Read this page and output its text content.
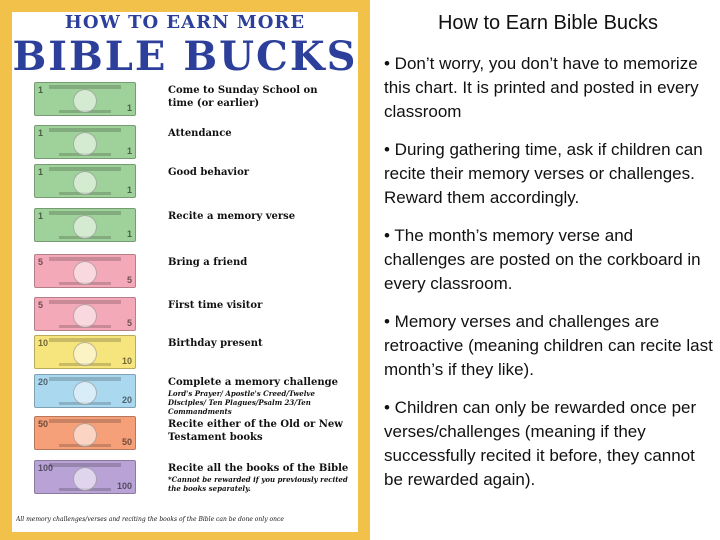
HOW TO EARN MORE
BIBLE BUCKS
1
1
Come to Sunday School on time (or earlier)
1
1
Attendance
1
1
Good behavior
1
1
Recite a memory verse
5
5
Bring a friend
5
5
First time visitor
10
10
Birthday present
20
20
Complete a memory challenge
Lord's Prayer/ Apostle's Creed/Twelve Disciples/ Ten Plagues/Psalm 23/Ten Commandments
50
50
Recite either of the Old or New Testament books
100
100
Recite all the books of the Bible
*Cannot be rewarded if you previously recited the books separately.
All memory challenges/verses and reciting the books of the Bible can be done only once
How to Earn Bible Bucks
• Don’t worry, you don’t have to memorize this chart. It is printed and posted in every classroom
• During gathering time, ask if children can recite their memory verses or challenges. Reward them accordingly.
• The month’s memory verse and challenges are posted on the corkboard in every classroom.
• Memory verses and challenges are retroactive (meaning children can recite last month’s if they like).
• Children can only be rewarded once per verses/challenges (meaning if they successfully recited it before, they cannot be rewarded again).
